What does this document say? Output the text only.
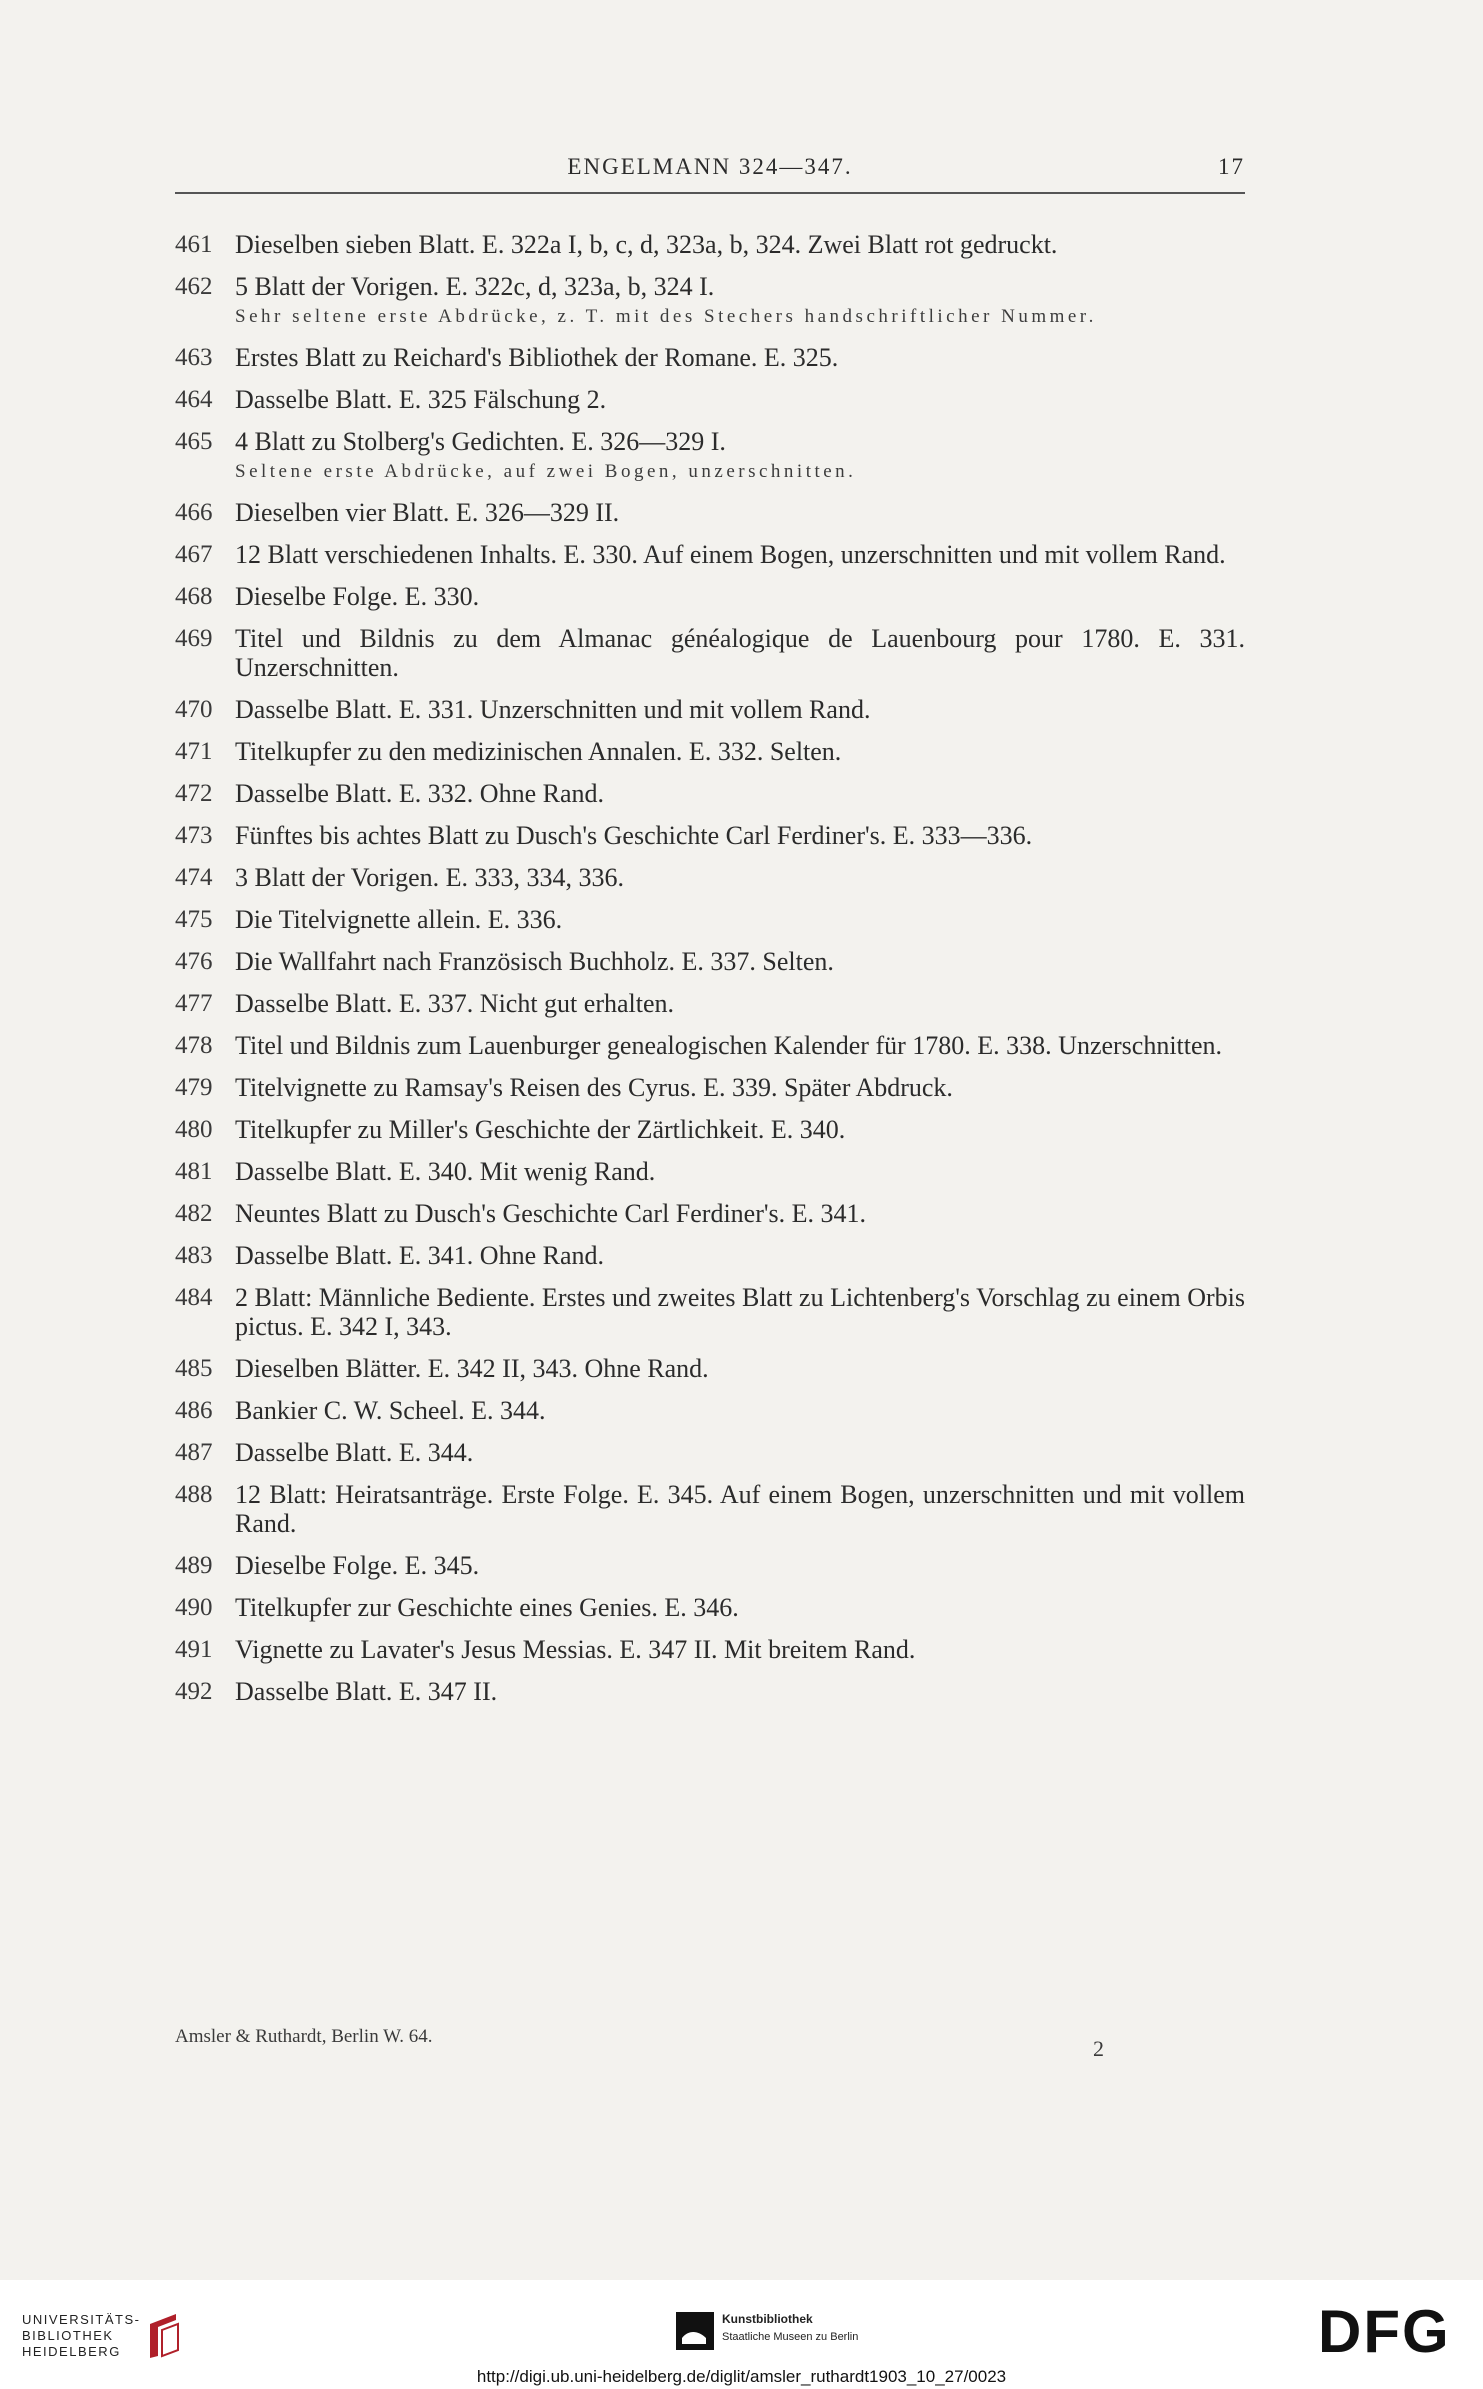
ENGELMANN 324—347.	17
461 Dieselben sieben Blatt. E. 322a I, b, c, d, 323a, b, 324. Zwei Blatt rot gedruckt.
462 5 Blatt der Vorigen. E. 322c, d, 323a, b, 324 I.
Sehr seltene erste Abdrücke, z. T. mit des Stechers handschriftlicher Nummer.
463 Erstes Blatt zu Reichard's Bibliothek der Romane. E. 325.
464 Dasselbe Blatt. E. 325 Fälschung 2.
465 4 Blatt zu Stolberg's Gedichten. E. 326—329 I.
Seltene erste Abdrücke, auf zwei Bogen, unzerschnitten.
466 Dieselben vier Blatt. E. 326—329 II.
467 12 Blatt verschiedenen Inhalts. E. 330. Auf einem Bogen, unzerschnitten und mit vollem Rand.
468 Dieselbe Folge. E. 330.
469 Titel und Bildnis zu dem Almanac généalogique de Lauenbourg pour 1780. E. 331. Unzerschnitten.
470 Dasselbe Blatt. E. 331. Unzerschnitten und mit vollem Rand.
471 Titelkupfer zu den medizinischen Annalen. E. 332. Selten.
472 Dasselbe Blatt. E. 332. Ohne Rand.
473 Fünftes bis achtes Blatt zu Dusch's Geschichte Carl Ferdiner's. E. 333—336.
474 3 Blatt der Vorigen. E. 333, 334, 336.
475 Die Titelvignette allein. E. 336.
476 Die Wallfahrt nach Französisch Buchholz. E. 337. Selten.
477 Dasselbe Blatt. E. 337. Nicht gut erhalten.
478 Titel und Bildnis zum Lauenburger genealogischen Kalender für 1780. E. 338. Unzerschnitten.
479 Titelvignette zu Ramsay's Reisen des Cyrus. E. 339. Später Abdruck.
480 Titelkupfer zu Miller's Geschichte der Zärtlichkeit. E. 340.
481 Dasselbe Blatt. E. 340. Mit wenig Rand.
482 Neuntes Blatt zu Dusch's Geschichte Carl Ferdiner's. E. 341.
483 Dasselbe Blatt. E. 341. Ohne Rand.
484 2 Blatt: Männliche Bediente. Erstes und zweites Blatt zu Lichtenberg's Vorschlag zu einem Orbis pictus. E. 342 I, 343.
485 Dieselben Blätter. E. 342 II, 343. Ohne Rand.
486 Bankier C. W. Scheel. E. 344.
487 Dasselbe Blatt. E. 344.
488 12 Blatt: Heiratsanträge. Erste Folge. E. 345. Auf einem Bogen, unzerschnitten und mit vollem Rand.
489 Dieselbe Folge. E. 345.
490 Titelkupfer zur Geschichte eines Genies. E. 346.
491 Vignette zu Lavater's Jesus Messias. E. 347 II. Mit breitem Rand.
492 Dasselbe Blatt. E. 347 II.
Amsler & Ruthardt, Berlin W. 64.	2
UNIVERSITÄTS-
BIBLIOTHEK
HEIDELBERG
Kunstbibliothek
Staatliche Museen zu Berlin	DFG
http://digi.ub.uni-heidelberg.de/diglit/amsler_ruthardt1903_10_27/0023
